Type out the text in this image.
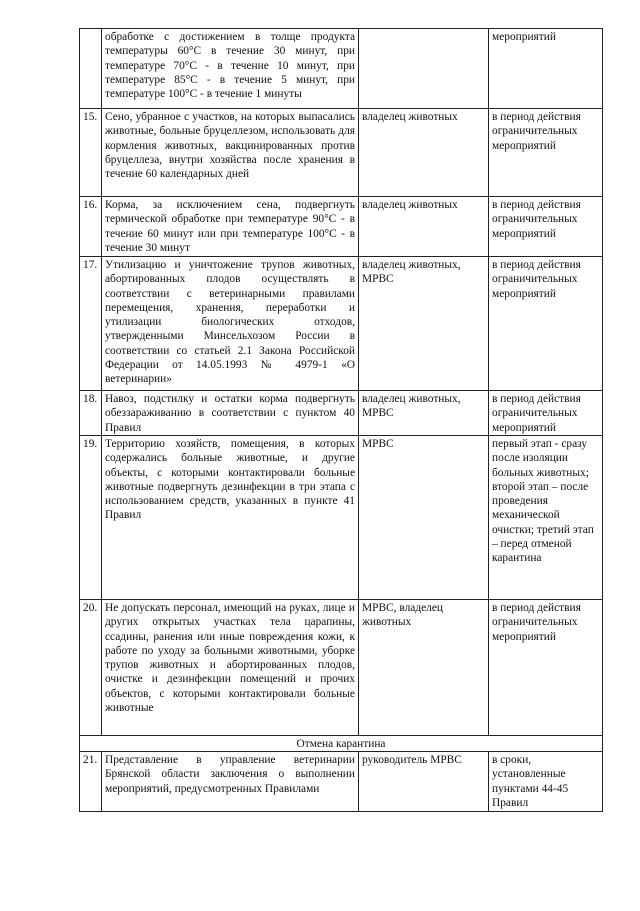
	обработке с достижением в толще продукта температуры 60°C в течение 30 минут, при температуре 70°C - в течение 10 минут, при температуре 85°C - в течение 5 минут, при температуре 100°C - в течение 1 минуты		мероприятий
15.	Сено, убранное с участков, на которых выпасались животные, больные бруцеллезом, использовать для кормления животных, вакцинированных против бруцеллеза, внутри хозяйства после хранения в течение 60 календарных дней	владелец животных	в период действия ограничительных мероприятий
16.	Корма, за исключением сена, подвергнуть термической обработке при температуре 90°C - в течение 60 минут или при температуре 100°C - в течение 30 минут	владелец животных	в период действия ограничительных мероприятий
17.	Утилизацию и уничтожение трупов животных, абортированных плодов осуществлять в соответствии с ветеринарными правилами перемещения, хранения, переработки и утилизации биологических отходов, утвержденными Минсельхозом России в соответствии со статьей 2.1 Закона Российской Федерации от 14.05.1993 № 4979-1 «О ветеринарии»	владелец животных, МРВС	в период действия ограничительных мероприятий
18.	Навоз, подстилку и остатки корма подвергнуть обеззараживанию в соответствии с пунктом 40 Правил	владелец животных, МРВС	в период действия ограничительных мероприятий
19.	Территорию хозяйств, помещения, в которых содержались больные животные, и другие объекты, с которыми контактировали больные животные подвергнуть дезинфекции в три этапа с использованием средств, указанных в пункте 41 Правил	МРВС	первый этап - сразу после изоляции больных животных; второй этап – после проведения механической очистки; третий этап – перед отменой карантина
20.	Не допускать персонал, имеющий на руках, лице и других открытых участках тела царапины, ссадины, ранения или иные повреждения кожи, к работе по уходу за больными животными, уборке трупов животных и абортированных плодов, очистке и дезинфекции помещений и прочих объектов, с которыми контактировали больные животные	МРВС, владелец животных	в период действия ограничительных мероприятий
Отмена карантина			
21.	Представление в управление ветеринарии Брянской области заключения о выполнении мероприятий, предусмотренных Правилами	руководитель МРВС	в сроки, установленные пунктами 44-45 Правил
